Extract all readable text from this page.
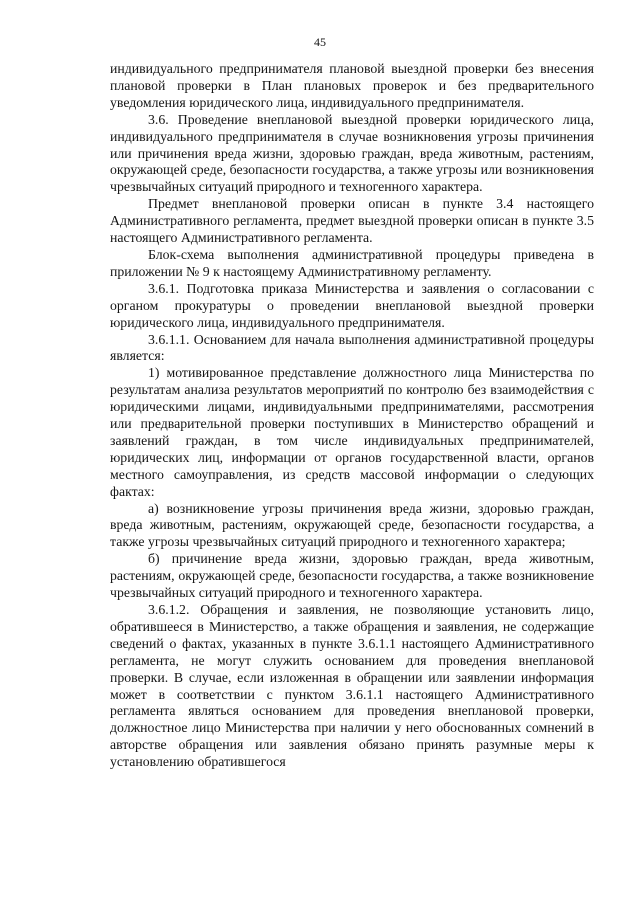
45

индивидуального предпринимателя плановой выездной проверки без внесения плановой проверки в План плановых проверок и без предварительного уведомления юридического лица, индивидуального предпринимателя.

3.6. Проведение внеплановой выездной проверки юридического лица, индивидуального предпринимателя в случае возникновения угрозы причинения или причинения вреда жизни, здоровью граждан, вреда животным, растениям, окружающей среде, безопасности государства, а также угрозы или возникновения чрезвычайных ситуаций природного и техногенного характера.

Предмет внеплановой проверки описан в пункте 3.4 настоящего Административного регламента, предмет выездной проверки описан в пункте 3.5 настоящего Административного регламента.

Блок-схема выполнения административной процедуры приведена в приложении № 9 к настоящему Административному регламенту.

3.6.1. Подготовка приказа Министерства и заявления о согласовании с органом прокуратуры о проведении внеплановой выездной проверки юридического лица, индивидуального предпринимателя.

3.6.1.1. Основанием для начала выполнения административной процедуры является:

1) мотивированное представление должностного лица Министерства по результатам анализа результатов мероприятий по контролю без взаимодействия с юридическими лицами, индивидуальными предпринимателями, рассмотрения или предварительной проверки поступивших в Министерство обращений и заявлений граждан, в том числе индивидуальных предпринимателей, юридических лиц, информации от органов государственной власти, органов местного самоуправления, из средств массовой информации о следующих фактах:

а) возникновение угрозы причинения вреда жизни, здоровью граждан, вреда животным, растениям, окружающей среде, безопасности государства, а также угрозы чрезвычайных ситуаций природного и техногенного характера;

б) причинение вреда жизни, здоровью граждан, вреда животным, растениям, окружающей среде, безопасности государства, а также возникновение чрезвычайных ситуаций природного и техногенного характера.

3.6.1.2. Обращения и заявления, не позволяющие установить лицо, обратившееся в Министерство, а также обращения и заявления, не содержащие сведений о фактах, указанных в пункте 3.6.1.1 настоящего Административного регламента, не могут служить основанием для проведения внеплановой проверки. В случае, если изложенная в обращении или заявлении информация может в соответствии с пунктом 3.6.1.1 настоящего Административного регламента являться основанием для проведения внеплановой проверки, должностное лицо Министерства при наличии у него обоснованных сомнений в авторстве обращения или заявления обязано принять разумные меры к установлению обратившегося
